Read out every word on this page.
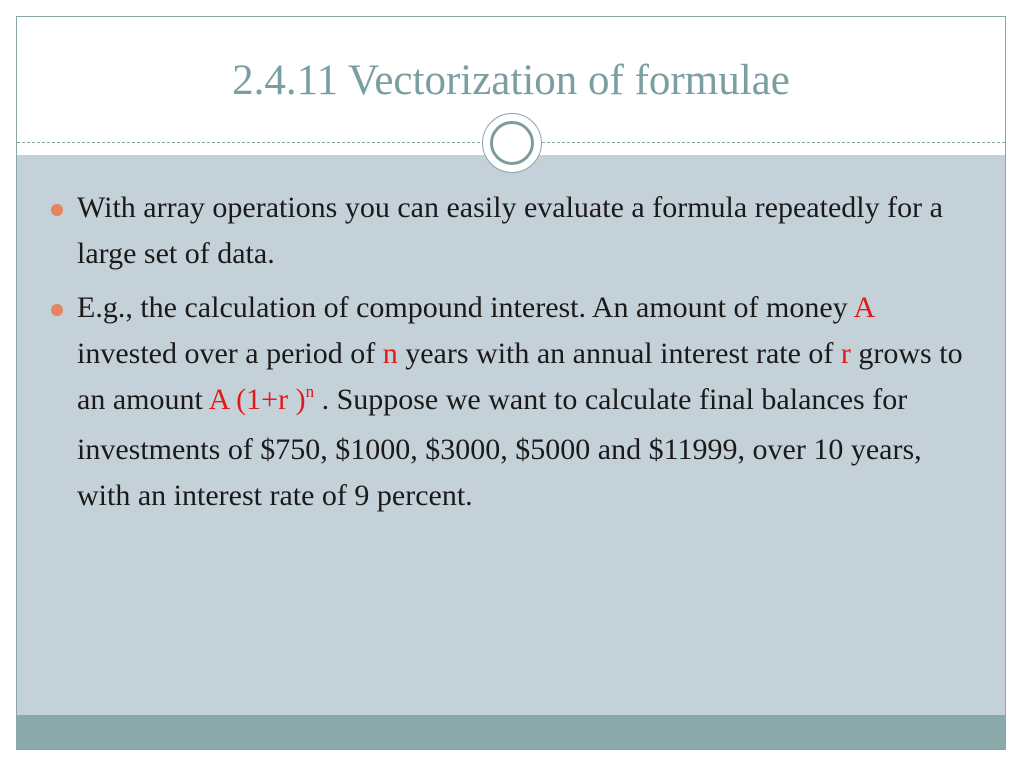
2.4.11 Vectorization of formulae
With array operations you can easily evaluate a formula repeatedly for a large set of data.
E.g., the calculation of compound interest. An amount of money A invested over a period of n years with an annual interest rate of r grows to an amount A (1+r )$^n$ . Suppose we want to calculate final balances for investments of $750, $1000, $3000, $5000 and $11999, over 10 years, with an interest rate of 9 percent.
